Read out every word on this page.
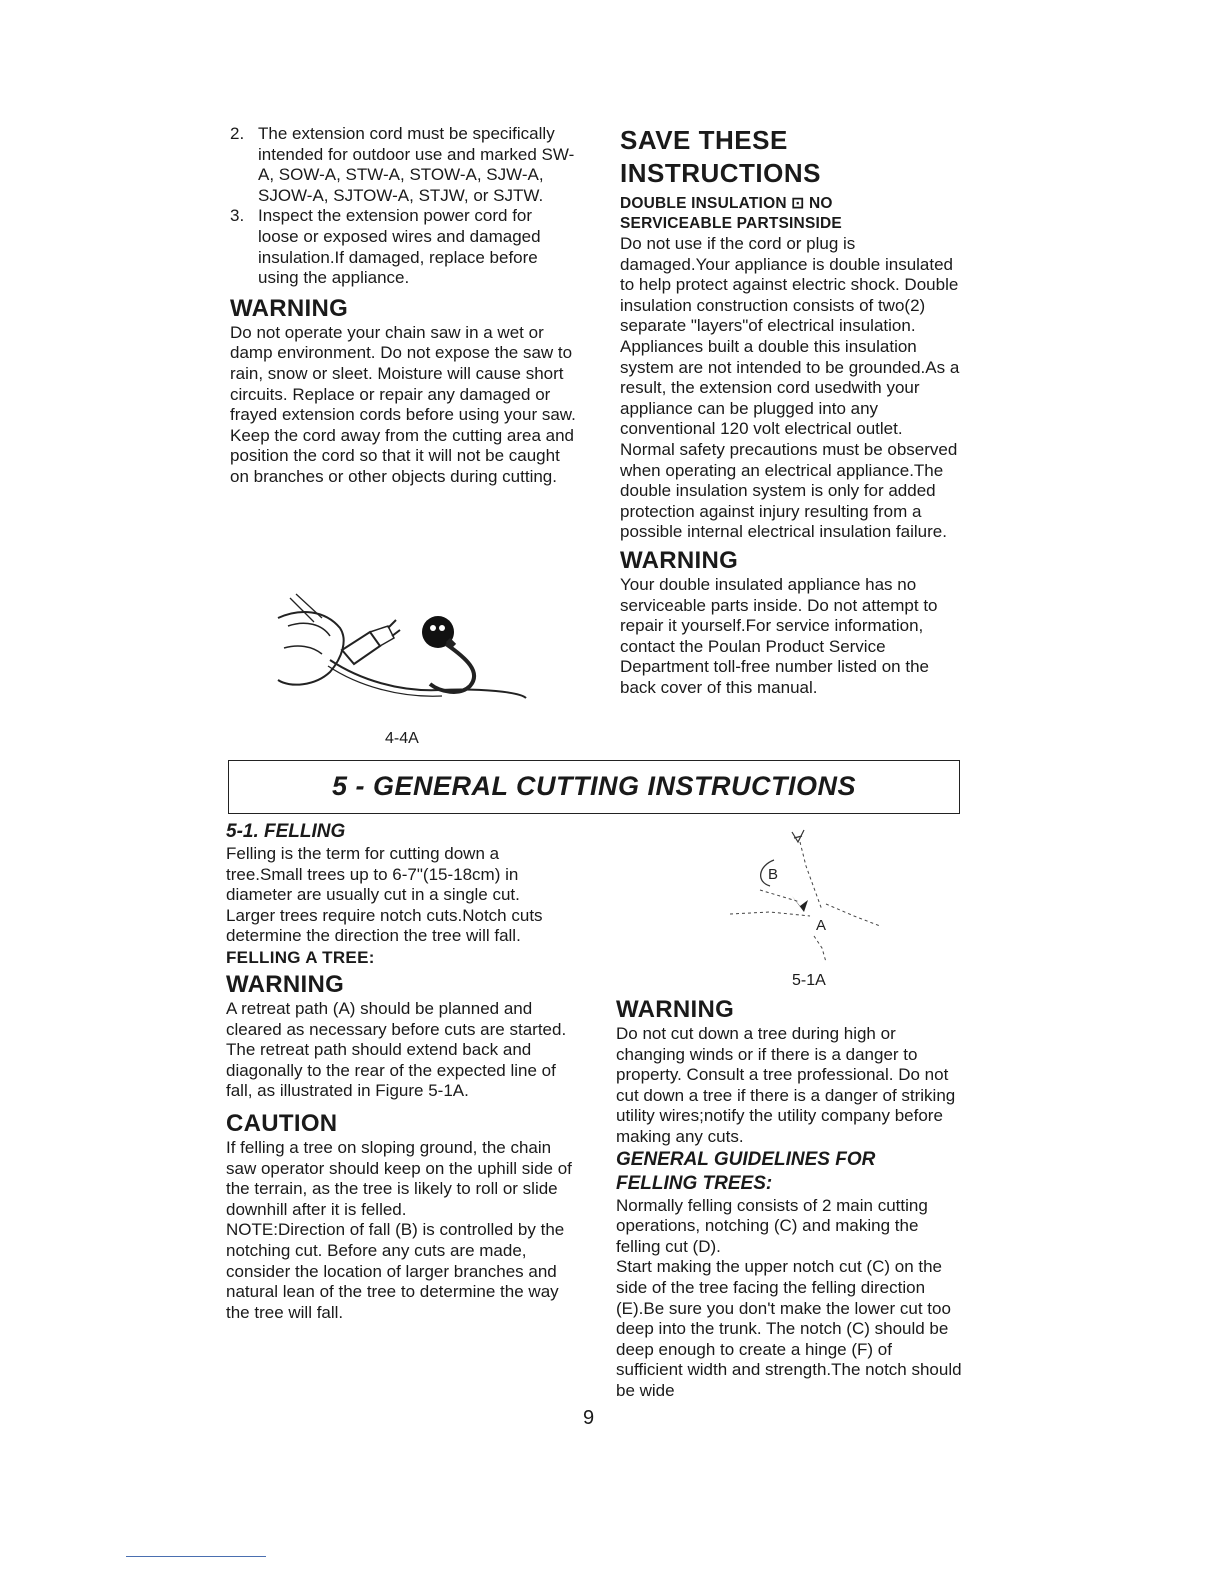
2. The extension cord must be specifically intended for outdoor use and marked SW-A, SOW-A, STW-A, STOW-A, SJW-A, SJOW-A, SJTOW-A, STJW, or SJTW.
3. Inspect the extension power cord for loose or exposed wires and damaged insulation.If damaged, replace before using the appliance.
WARNING

Do not operate your chain saw in a wet or damp environment. Do not expose the saw to rain, snow or sleet. Moisture will cause short circuits. Replace or repair any damaged or frayed extension cords before using your saw. Keep the cord away from the cutting area and position the cord so that it will not be caught on branches or other objects during cutting.

4-4A
SAVE THESE
INSTRUCTIONS
DOUBLE INSULATION ⊡ NO
SERVICEABLE PARTSINSIDE

Do not use if the cord or plug is damaged.Your appliance is double insulated to help protect against electric shock. Double insulation construction consists of two(2) separate "layers"of electrical insulation.

Appliances built a double this insulation system are not intended to be grounded.As a result, the extension cord usedwith your appliance can be plugged into any conventional 120 volt electrical outlet.

Normal safety precautions must be observed when operating an electrical appliance.The double insulation system is only for added protection against injury resulting from a possible internal electrical insulation failure.

WARNING

Your double insulated appliance has no serviceable parts inside. Do not attempt to repair it yourself.For service information, contact the Poulan Product Service Department toll-free number listed on the back cover of this manual.

5 - GENERAL CUTTING INSTRUCTIONS
5-1. FELLING

Felling is the term for cutting down a tree.Small trees up to 6-7"(15-18cm) in diameter are usually cut in a single cut. Larger trees require notch cuts.Notch cuts determine the direction the tree will fall.

FELLING A TREE:
WARNING

A retreat path (A) should be planned and cleared as necessary before cuts are started. The retreat path should extend back and diagonally to the rear of the expected line of fall, as illustrated in Figure 5-1A.

CAUTION

If felling a tree on sloping ground, the chain saw operator should keep on the uphill side of the terrain, as the tree is likely to roll or slide downhill after it is felled.

NOTE:Direction of fall (B) is controlled by the notching cut. Before any cuts are made, consider the location of larger branches and natural lean of the tree to determine the way the tree will fall.

B
A
5-1A
WARNING

Do not cut down a tree during high or changing winds or if there is a danger to property. Consult a tree professional. Do not cut down a tree if there is a danger of striking utility wires;notify the utility company before making any cuts.

GENERAL GUIDELINES FOR
FELLING TREES:

Normally felling consists of 2 main cutting operations, notching (C) and making the felling cut (D).

Start making the upper notch cut (C) on the side of the tree facing the felling direction (E).Be sure you don't make the lower cut too deep into the trunk. The notch (C) should be deep enough to create a hinge (F) of sufficient width and strength.The notch should be wide

9
